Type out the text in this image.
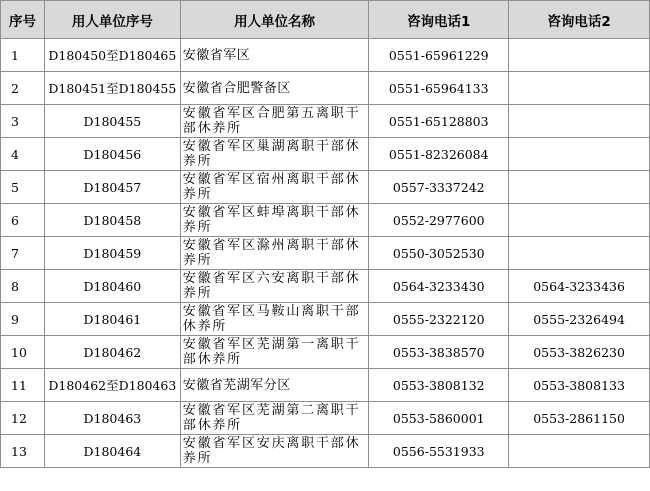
序号	用人单位序号	用人单位名称	咨询电话1	咨询电话2
1	D180450至D180465	安徽省军区	0551-65961229	
2	D180451至D180455	安徽省合肥警备区	0551-65964133	
3	D180455	安徽省军区合肥第五离职干部休养所	0551-65128803	
4	D180456	安徽省军区巢湖离职干部休养所	0551-82326084	
5	D180457	安徽省军区宿州离职干部休养所	0557-3337242	
6	D180458	安徽省军区蚌埠离职干部休养所	0552-2977600	
7	D180459	安徽省军区滁州离职干部休养所	0550-3052530	
8	D180460	安徽省军区六安离职干部休养所	0564-3233430	0564-3233436
9	D180461	安徽省军区马鞍山离职干部休养所	0555-2322120	0555-2326494
10	D180462	安徽省军区芜湖第一离职干部休养所	0553-3838570	0553-3826230
11	D180462至D180463	安徽省芜湖军分区	0553-3808132	0553-3808133
12	D180463	安徽省军区芜湖第二离职干部休养所	0553-5860001	0553-2861150
13	D180464	安徽省军区安庆离职干部休养所	0556-5531933	
